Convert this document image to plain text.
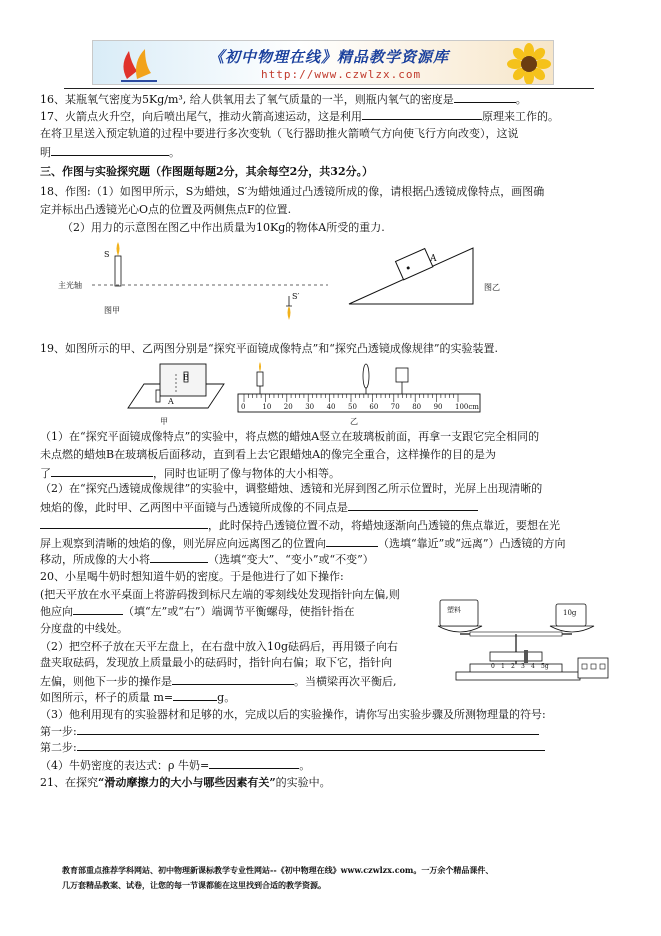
《初中物理在线》精品教学资源库
http://www.czwlzx.com
16、某瓶氧气密度为5Kg/m³, 给人供氧用去了氧气质量的一半，则瓶内氧气的密度是	。
17、火箭点火升空，向后喷出尾气，推动火箭高速运动，这是利用	原理来工作的。
在将卫星送入预定轨道的过程中要进行多次变轨（飞行器助推火箭喷气方向使飞行方向改变），这说
明	。
三、作图与实验探究题（作图题每题2分，其余每空2分，共32分。）
18、作图:（1）如图甲所示，S为蜡烛，S′为蜡烛通过凸透镜所成的像，请根据凸透镜成像特点，画图确
定并标出凸透镜光心O点的位置及两侧焦点F的位置.
（2）用力的示意图在图乙中作出质量为10Kg的物体A所受的重力.
S
S′
主光轴
图甲
A
图乙
19、如图所示的甲、乙两图分别是“探究平面镜成像特点”和“探究凸透镜成像规律”的实验装置.
B
A
甲
0 10 20 30 40 50 60 70 80 90 100cm
乙
（1）在“探究平面镜成像特点”的实验中，将点燃的蜡烛A竖立在玻璃板前面，再拿一支跟它完全相同的
未点燃的蜡烛B在玻璃板后面移动，直到看上去它跟蜡烛A的像完全重合，这样操作的目的是为
了	，同时也证明了像与物体的大小相等。
（2）在“探究凸透镜成像规律”的实验中，调整蜡烛、透镜和光屏到图乙所示位置时，光屏上出现清晰的
烛焰的像，此时甲、乙两图中平面镜与凸透镜所成像的不同点是
，此时保持凸透镜位置不动，将蜡烛逐渐向凸透镜的焦点靠近，要想在光
屏上观察到清晰的烛焰的像，则光屏应向远离图乙的位置向	（选填“靠近”或“远离”）凸透镜的方向
移动，所成像的大小将	（选填“变大”、“变小”或“不变”）
20、小星喝牛奶时想知道牛奶的密度。于是他进行了如下操作:
(把天平放在水平桌面上将游码拨到标尺左端的零刻线处发现指针向左偏,则
他应向	（填“左”或“右”）端调节平衡螺母，使指针指在
分度盘的中线处。
（2）把空杯子放在天平左盘上，在右盘中放入10g砝码后，再用镊子向右
盘夹取砝码，发现放上质量最小的砝码时，指针向右偏；取下它，指针向
左偏，则他下一步的操作是	。当横梁再次平衡后,
如图所示，杯子的质量 m=	g。
塑料	10g
0 1 2 3 4 5g
（3）他利用现有的实验器材和足够的水，完成以后的实验操作，请你写出实验步骤及所测物理量的符号:
第一步:
第二步:
（4）牛奶密度的表达式：ρ 牛奶=	。
21、在探究“滑动摩擦力的大小与哪些因素有关”的实验中。
教育部重点推荐学科网站、初中物理新课标教学专业性网站--《初中物理在线》www.czwlzx.com。一万余个精品课件、
几万套精品教案、试卷，让您的每一节课都能在这里找到合适的教学资源。
